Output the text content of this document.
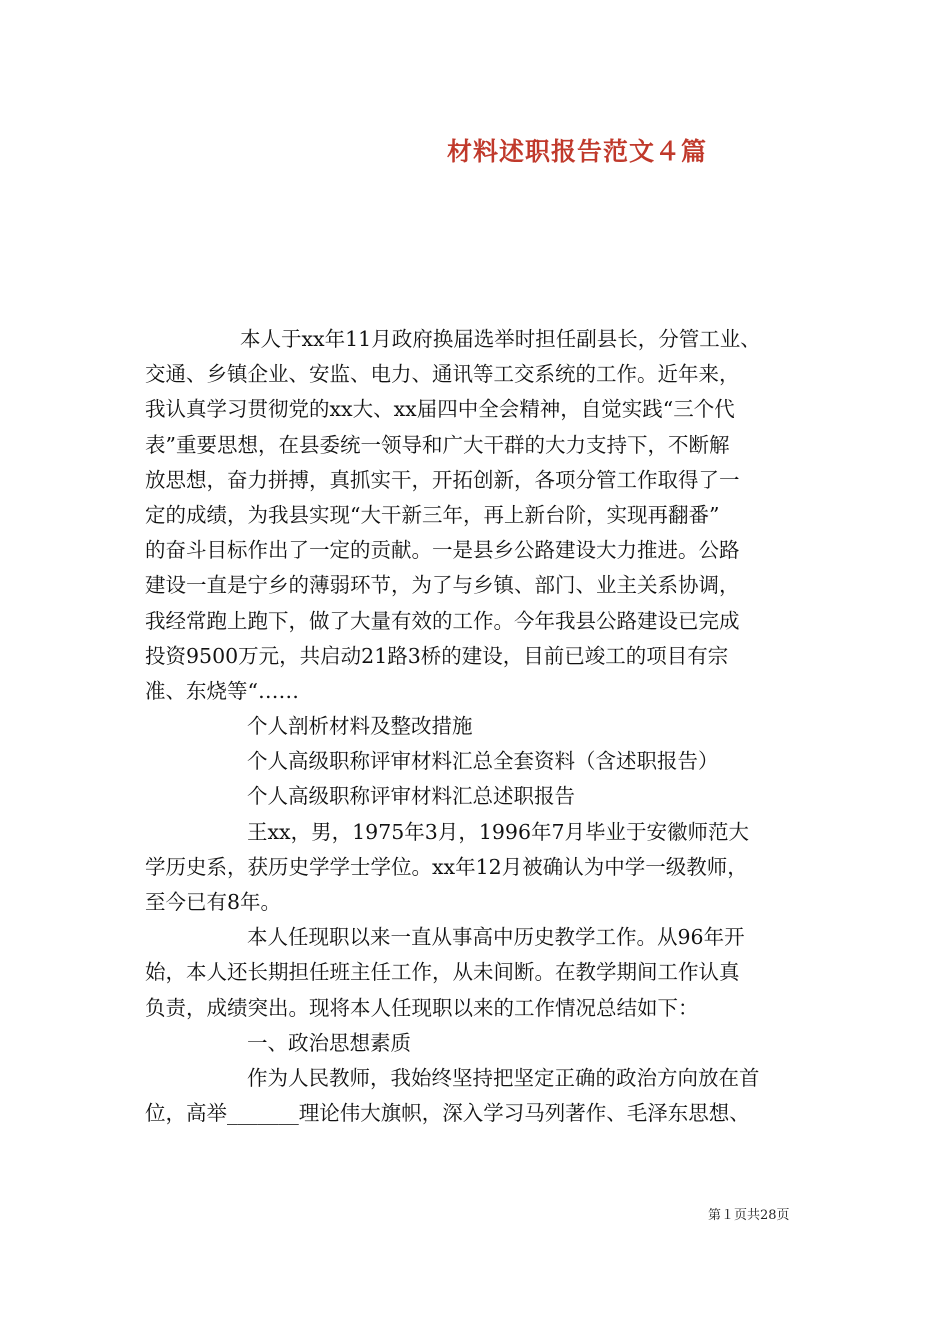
材料述职报告范文４篇
本人于xx年11月政府换届选举时担任副县长，分管工业、
交通、乡镇企业、安监、电力、通讯等工交系统的工作。近年来，
我认真学习贯彻党的xx大、xx届四中全会精神，自觉实践“三个代
表”重要思想，在县委统一领导和广大干群的大力支持下，不断解
放思想，奋力拼搏，真抓实干，开拓创新，各项分管工作取得了一
定的成绩，为我县实现“大干新三年，再上新台阶，实现再翻番”
的奋斗目标作出了一定的贡献。一是县乡公路建设大力推进。公路
建设一直是宁乡的薄弱环节，为了与乡镇、部门、业主关系协调，
我经常跑上跑下，做了大量有效的工作。今年我县公路建设已完成
投资9500万元，共启动21路3桥的建设，目前已竣工的项目有宗
准、东烧等“……
个人剖析材料及整改措施
个人高级职称评审材料汇总全套资料（含述职报告）
个人高级职称评审材料汇总述职报告
王xx，男，1975年3月，1996年7月毕业于安徽师范大
学历史系，获历史学学士学位。xx年12月被确认为中学一级教师，
至今已有8年。
本人任现职以来一直从事高中历史教学工作。从96年开
始，本人还长期担任班主任工作，从未间断。在教学期间工作认真
负责，成绩突出。现将本人任现职以来的工作情况总结如下：
一、政治思想素质
作为人民教师，我始终坚持把坚定正确的政治方向放在首
位，高举_______理论伟大旗帜，深入学习马列著作、毛泽东思想、
第１页共28页
